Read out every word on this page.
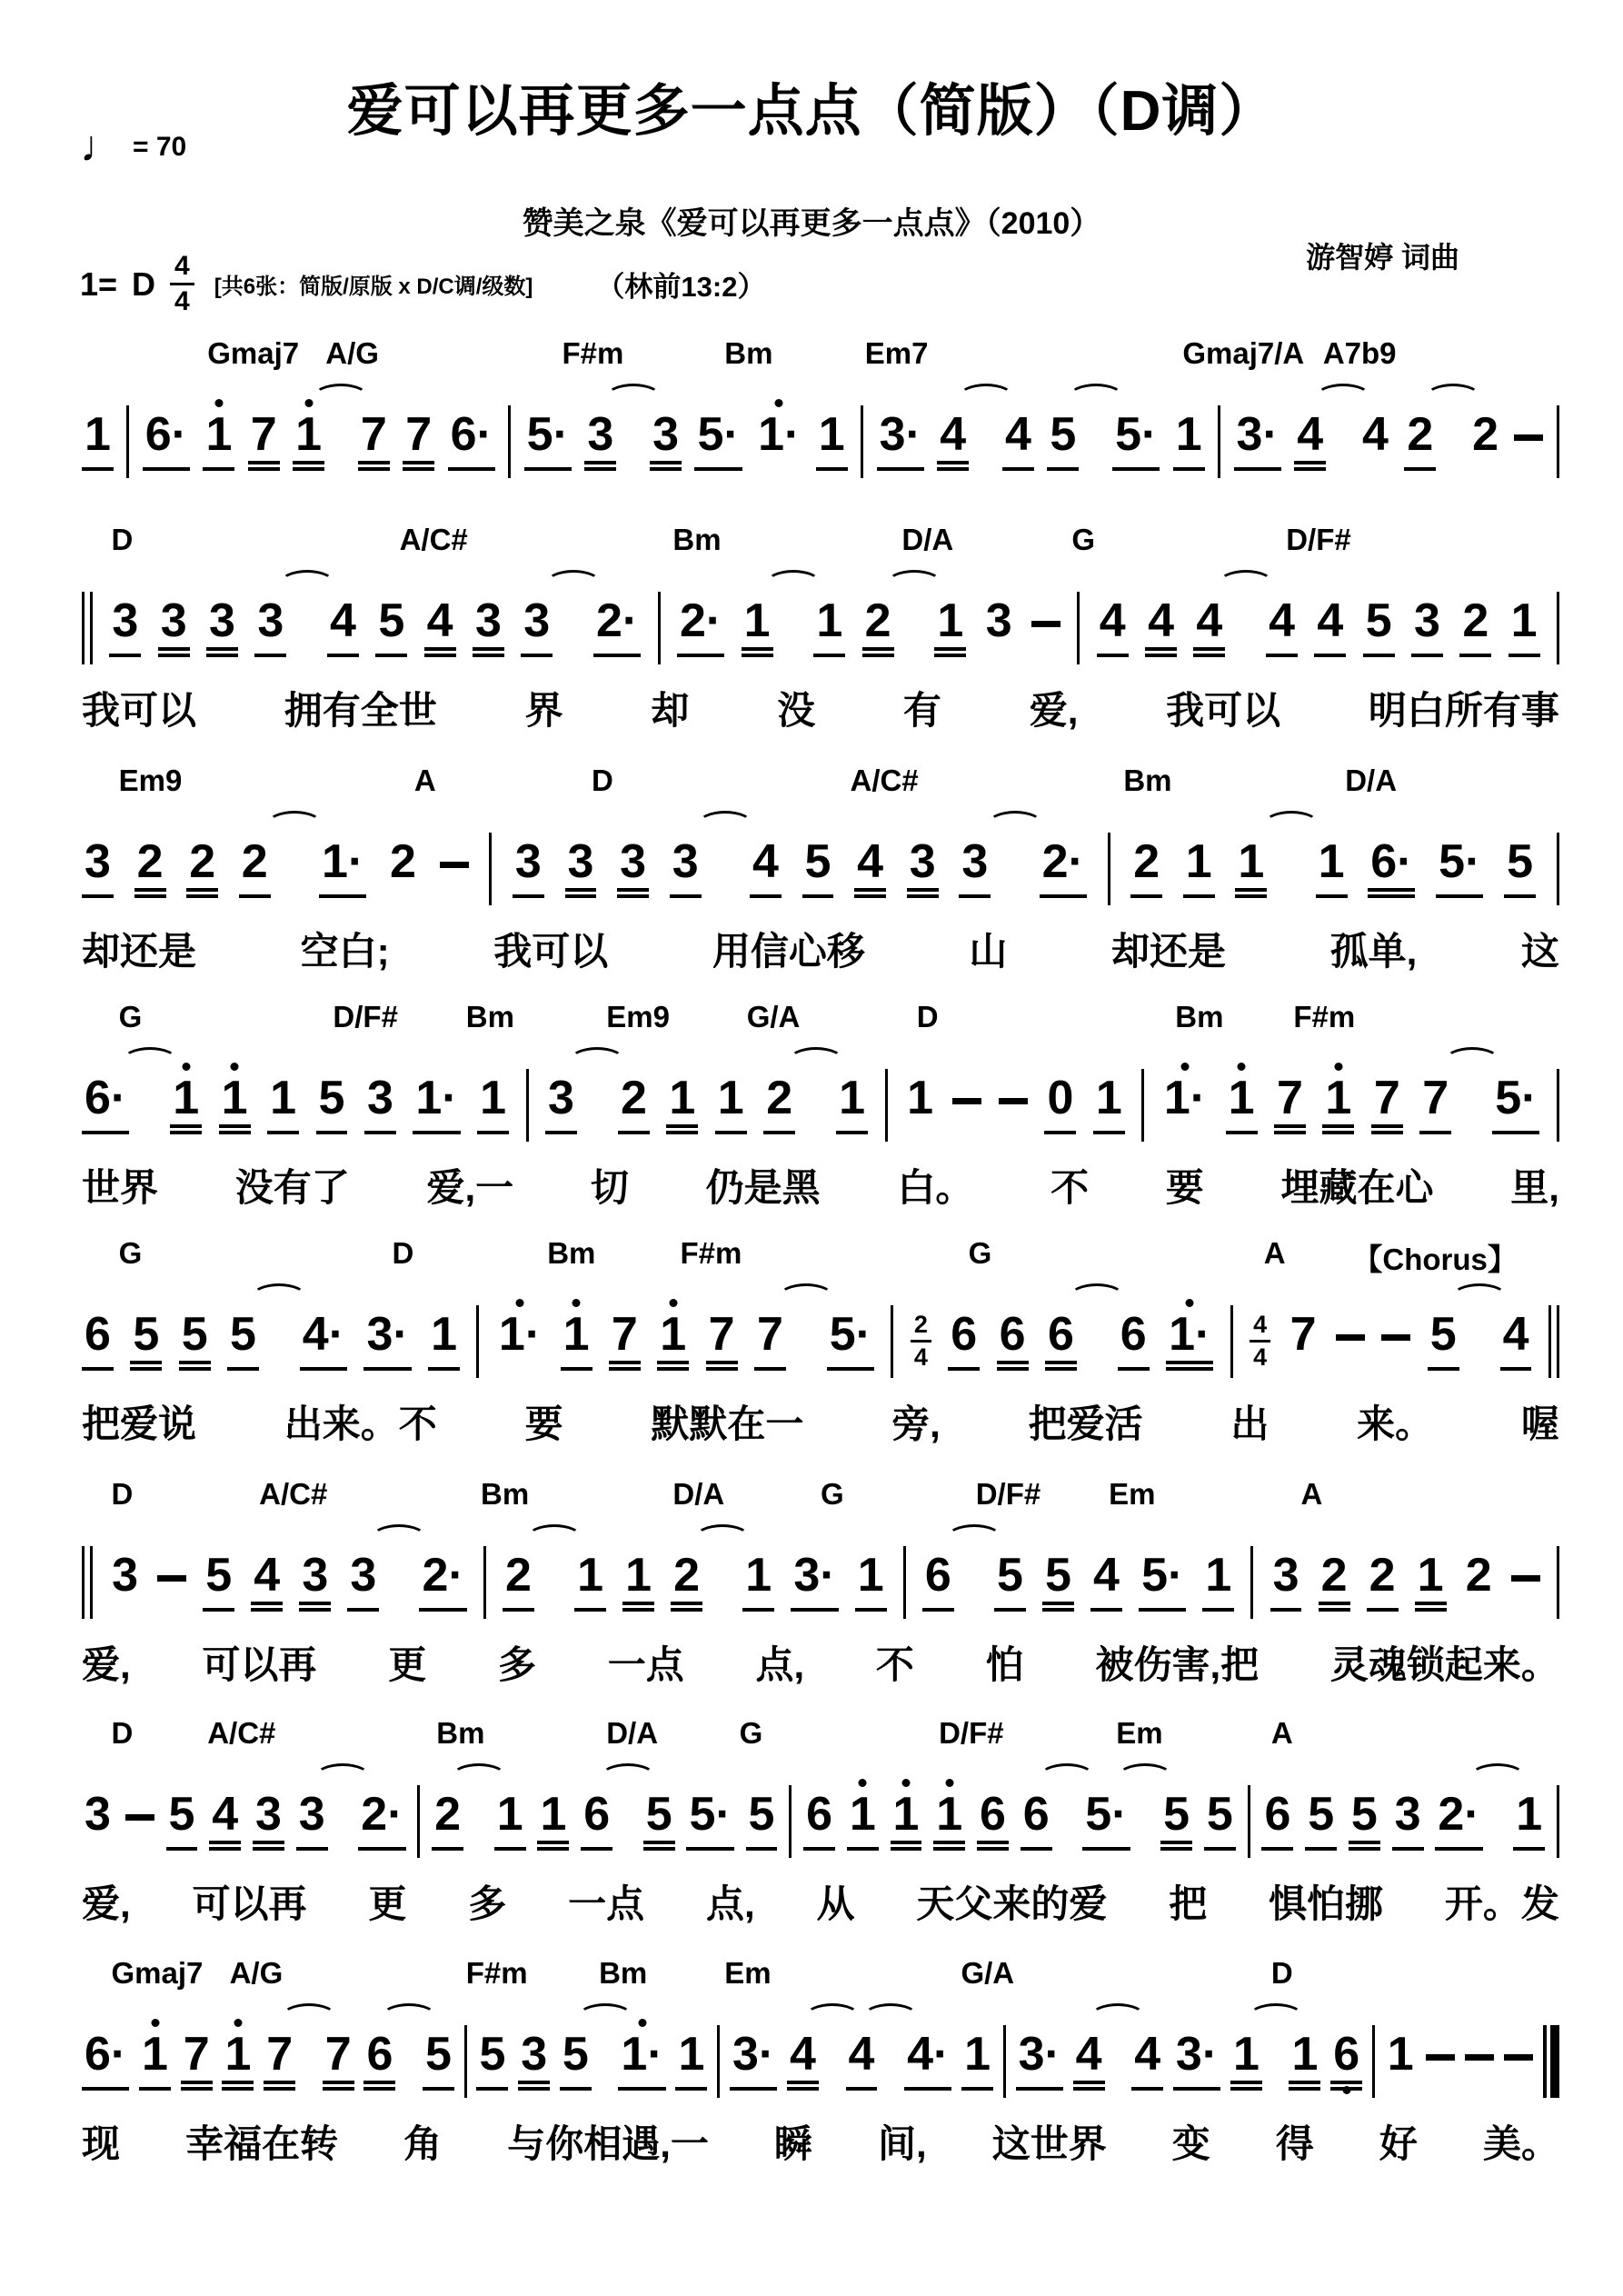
♩ = 70
爱可以再更多一点点（简版）（D调）
赞美之泉《爱可以再更多一点点》（2010）
游智婷 词曲
1= D $\frac{4}{4}$ [共6张：简版/原版 x D/C调/级数] （林前13:2）
Gmaj7 A/G	F#m	Bm	Em7	Gmaj7/A A7b9
1 6· 1 7 1 7 7 6· 5· 3 3 5· 1· 1 3· 4 4 5 5· 1 3· 4 4 2 2
D	A/C#	Bm	D/A	G	D/F#
3 3 3 3 4 5 4 3 3 2· 2· 1 1 2 1 3 4 4 4 4 4 5 3 2 1
我可以 拥有全世 界 却 没 有 爱, 我可以 明白所有事
Em9	A	D	A/C#	Bm	D/A
3 2 2 2 1· 2 3 3 3 3 4 5 4 3 3 2· 2 1 1 1 6· 5· 5
却还是	空白;	我可以	用信心移	山	却还是	孤单,	这
G	D/F# Bm	Em9	G/A	D	Bm F#m
6· 1 1 1 5 3 1· 1 3 2 1 1 2 1 1 0 1 1· 1 7 1 7 7 5·
世界 没有了 爱,一 切 仍是黑 白。 不 要 埋藏在心 里,
G	D	Bm	F#m	G	A 【Chorus】
6 5 5 5 4· 3· 1 1· 1 7 1 7 7 $5\cdot \frac{2}{4} 6$ 6 6 6 $1\cdot \frac{4}{4} 7$ 5 4
把爱说 出来。不 要 默默在一 旁, 把爱活 出 来。 喔
D	A/C#	Bm	D/A	G	D/F# Em	A
3 5 4 3 3 2· 2 1 1 2 1 3· 1 6 5 5 4 5· 1 3 2 2 1 2
爱, 可以再 更 多 一点 点, 不 怕 被伤害,把 灵魂锁起来。
D A/C#	Bm	D/A	G	D/F#	Em	A
3 5 4 3 3 2· 2 1 1 6 5 5· 5 6 1 1 1 6 6 5· 5 5 6 5 5 3 2· 1
爱, 可以再 更 多 一点 点, 从 天父来的爱 把 惧怕挪 开。发
Gmaj7 A/G	F#m Bm	Em	G/A	D
6· 1 7 1 7 7 6 5 5 3 5 1· 1 3· 4 4 4· 1 3· 4 4 3· 1 1 6 1
现 幸福在转 角 与你相遇,一 瞬 间, 这世界 变 得 好 美。
